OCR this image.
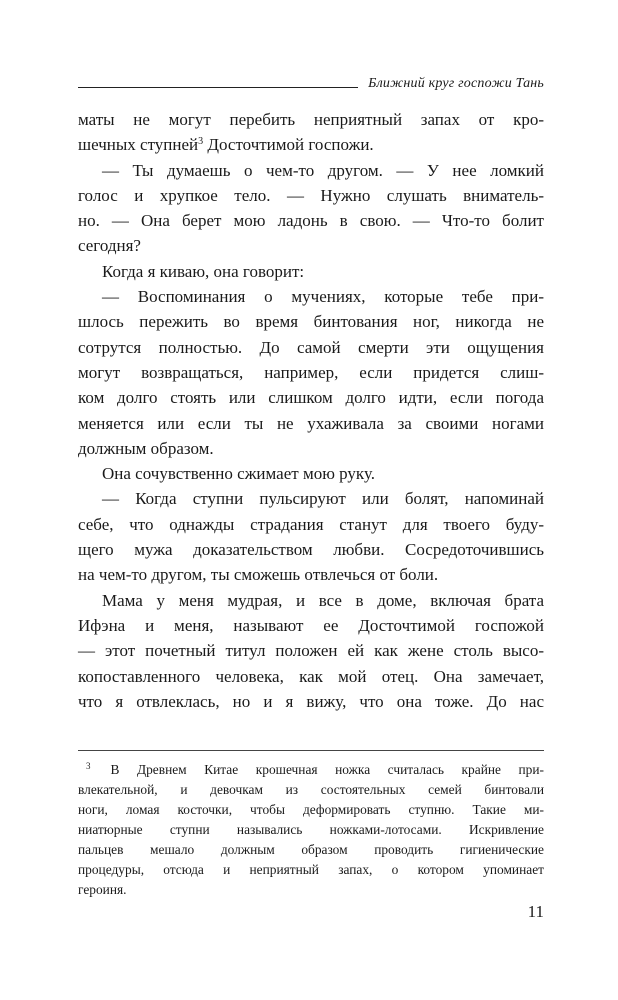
Ближний круг госпожи Тань
маты не могут перебить неприятный запах от кро-
шечных ступней$^3$ Досточтимой госпожи.
— Ты думаешь о чем-то другом. — У нее ломкий
голос и хрупкое тело. — Нужно слушать вниматель-
но. — Она берет мою ладонь в свою. — Что-то болит
сегодня?
Когда я киваю, она говорит:
— Воспоминания о мучениях, которые тебе при-
шлось пережить во время бинтования ног, никогда не
сотрутся полностью. До самой смерти эти ощущения
могут возвращаться, например, если придется слиш-
ком долго стоять или слишком долго идти, если погода
меняется или если ты не ухаживала за своими ногами
должным образом.
Она сочувственно сжимает мою руку.
— Когда ступни пульсируют или болят, напоминай
себе, что однажды страдания станут для твоего буду-
щего мужа доказательством любви. Сосредоточившись
на чем-то другом, ты сможешь отвлечься от боли.
Мама у меня мудрая, и все в доме, включая брата
Ифэна и меня, называют ее Досточтимой госпожой
— этот почетный титул положен ей как жене столь высо-
копоставленного человека, как мой отец. Она замечает,
что я отвлеклась, но и я вижу, что она тоже. До нас
$^3$ В Древнем Китае крошечная ножка считалась крайне при-
влекательной, и девочкам из состоятельных семей бинтовали
ноги, ломая косточки, чтобы деформировать ступню. Такие ми-
ниатюрные ступни назывались ножками-лотосами. Искривление
пальцев мешало должным образом проводить гигиенические
процедуры, отсюда и неприятный запах, о котором упоминает
героиня.
11
